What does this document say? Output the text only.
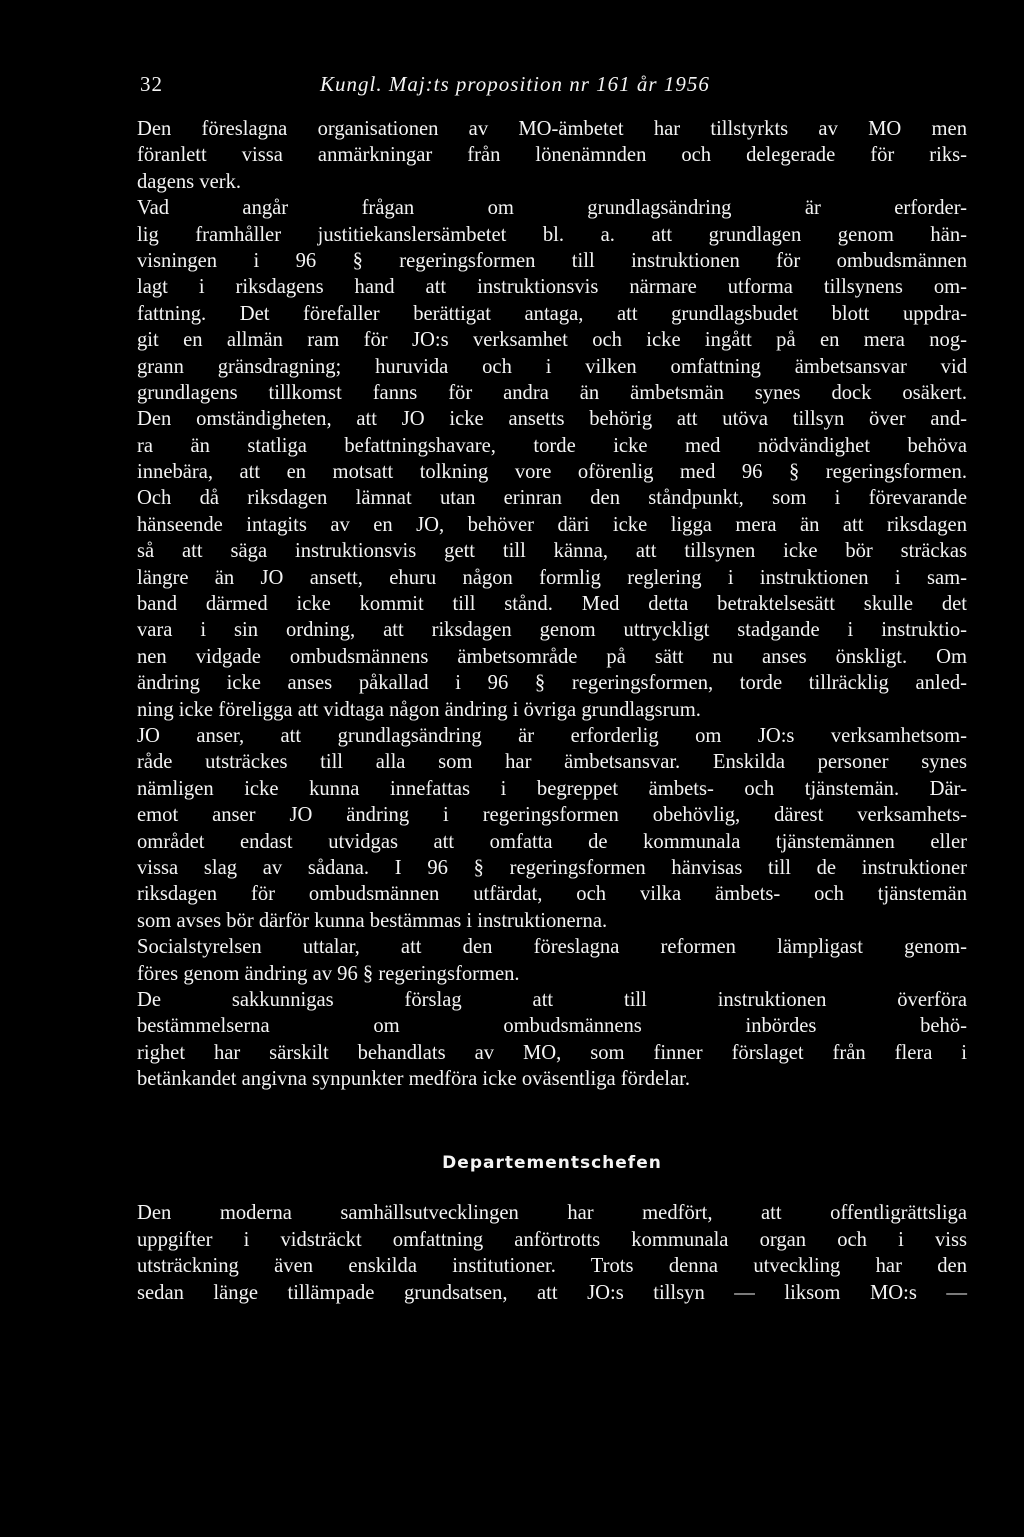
32	Kungl. Maj:ts proposition nr 161 år 1956
Den föreslagna organisationen av MO-ämbetet har tillstyrkts av MO men
föranlett vissa anmärkningar från lönenämnden och delegerade för riks-
dagens verk.
Vad angår frågan om grundlagsändring är erforder-
lig framhåller justitiekanslersämbetet bl. a. att grundlagen genom hän-
visningen i 96 § regeringsformen till instruktionen för ombudsmännen
lagt i riksdagens hand att instruktionsvis närmare utforma tillsynens om-
fattning. Det förefaller berättigat antaga, att grundlagsbudet blott uppdra-
git en allmän ram för JO:s verksamhet och icke ingått på en mera nog-
grann gränsdragning; huruvida och i vilken omfattning ämbetsansvar vid
grundlagens tillkomst fanns för andra än ämbetsmän synes dock osäkert.
Den omständigheten, att JO icke ansetts behörig att utöva tillsyn över and-
ra än statliga befattningshavare, torde icke med nödvändighet behöva
innebära, att en motsatt tolkning vore oförenlig med 96 § regeringsformen.
Och då riksdagen lämnat utan erinran den ståndpunkt, som i förevarande
hänseende intagits av en JO, behöver däri icke ligga mera än att riksdagen
så att säga instruktionsvis gett till känna, att tillsynen icke bör sträckas
längre än JO ansett, ehuru någon formlig reglering i instruktionen i sam-
band därmed icke kommit till stånd. Med detta betraktelsesätt skulle det
vara i sin ordning, att riksdagen genom uttryckligt stadgande i instruktio-
nen vidgade ombudsmännens ämbetsområde på sätt nu anses önskligt. Om
ändring icke anses påkallad i 96 § regeringsformen, torde tillräcklig anled-
ning icke föreligga att vidtaga någon ändring i övriga grundlagsrum.
JO anser, att grundlagsändring är erforderlig om JO:s verksamhetsom-
råde utsträckes till alla som har ämbetsansvar. Enskilda personer synes
nämligen icke kunna innefattas i begreppet ämbets- och tjänstemän. Där-
emot anser JO ändring i regeringsformen obehövlig, därest verksamhets-
området endast utvidgas att omfatta de kommunala tjänstemännen eller
vissa slag av sådana. I 96 § regeringsformen hänvisas till de instruktioner
riksdagen för ombudsmännen utfärdat, och vilka ämbets- och tjänstemän
som avses bör därför kunna bestämmas i instruktionerna.
Socialstyrelsen uttalar, att den föreslagna reformen lämpligast genom-
föres genom ändring av 96 § regeringsformen.
De sakkunnigas förslag att till instruktionen överföra
bestämmelserna om ombudsmännens inbördes behö-
righet har särskilt behandlats av MO, som finner förslaget från flera i
betänkandet angivna synpunkter medföra icke oväsentliga fördelar.
Departementschefen
Den moderna samhällsutvecklingen har medfört, att offentligrättsliga
uppgifter i vidsträckt omfattning anförtrotts kommunala organ och i viss
utsträckning även enskilda institutioner. Trots denna utveckling har den
sedan länge tillämpade grundsatsen, att JO:s tillsyn — liksom MO:s —
